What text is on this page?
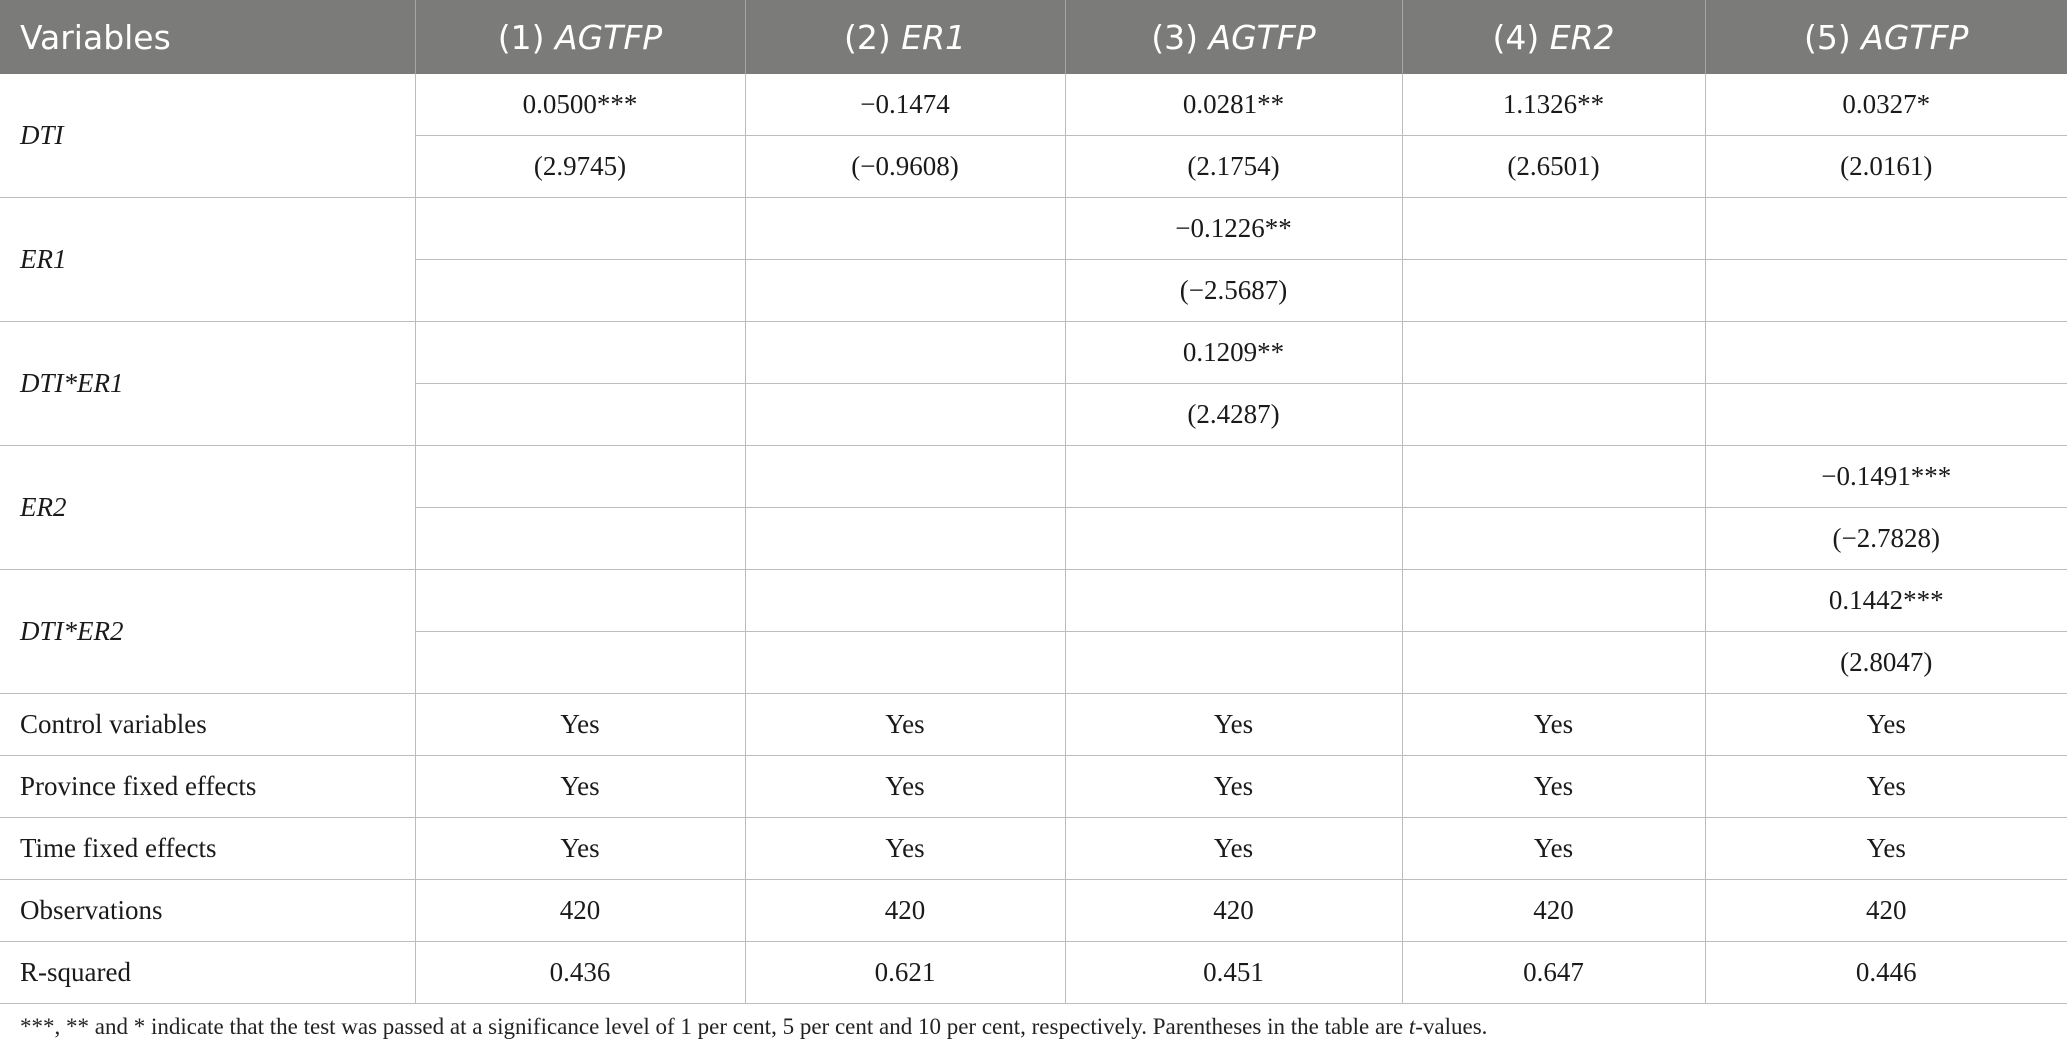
Variables	(1) AGTFP	(2) ER1	(3) AGTFP	(4) ER2	(5) AGTFP
DTI	0.0500***	−0.1474	0.0281**	1.1326**	0.0327*
	(2.9745)	(−0.9608)	(2.1754)	(2.6501)	(2.0161)
ER1			−0.1226**		
			(−2.5687)		
DTI*ER1			0.1209**		
			(2.4287)		
ER2					−0.1491***
					(−2.7828)
DTI*ER2					0.1442***
					(2.8047)
Control variables	Yes	Yes	Yes	Yes	Yes
Province fixed effects	Yes	Yes	Yes	Yes	Yes
Time fixed effects	Yes	Yes	Yes	Yes	Yes
Observations	420	420	420	420	420
R-squared	0.436	0.621	0.451	0.647	0.446
***, ** and * indicate that the test was passed at a significance level of 1 per cent, 5 per cent and 10 per cent, respectively. Parentheses in the table are t-values.
